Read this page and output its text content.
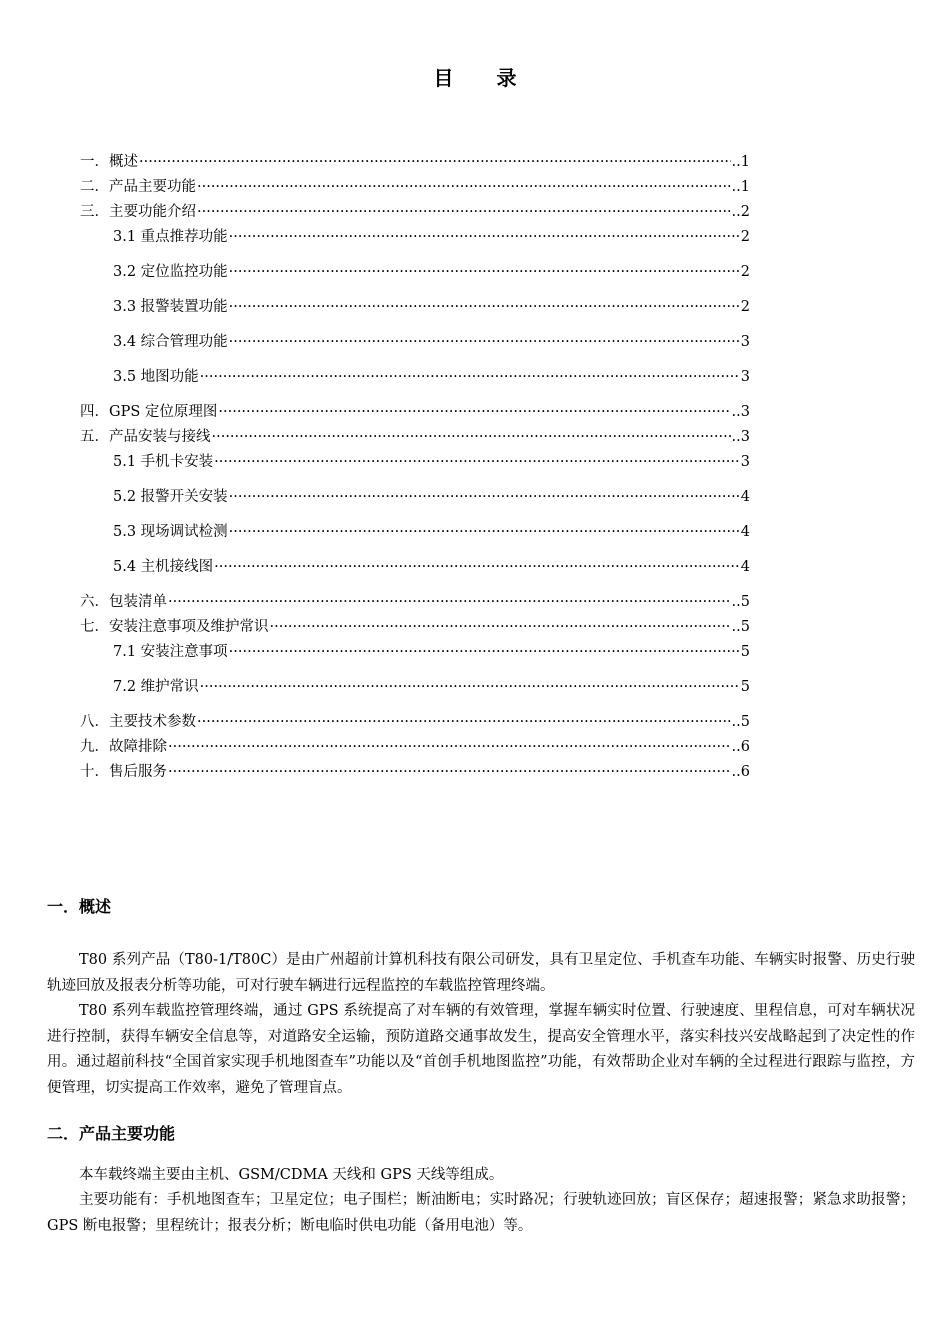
目 录
一． 概述 ·····	..1
二． 产品主要功能 ·····	..1
三． 主要功能介绍 ·····	..2
3.1 重点推荐功能 ·····	2
3.2 定位监控功能 ·····	2
3.3 报警装置功能 ·····	2
3.4 综合管理功能 ·····	3
3.5 地图功能 ·····	3
四． GPS 定位原理图 ·····	..3
五． 产品安装与接线 ·····	..3
5.1 手机卡安装 ·····	3
5.2 报警开关安装 ·····	4
5.3 现场调试检测 ·····	4
5.4 主机接线图 ·····	4
六． 包装清单 ·····	..5
七． 安装注意事项及维护常识 ·····	..5
7.1 安装注意事项 ·····	5
7.2 维护常识 ·····	5
八． 主要技术参数 ·····	..5
九． 故障排除 ·····	..6
十． 售后服务 ·····	..6
一．概述

T80 系列产品（T80-1/T80C）是由广州超前计算机科技有限公司研发，具有卫星定位、手机查车功能、车辆实时报警、历史行驶轨迹回放及报表分析等功能，可对行驶车辆进行远程监控的车载监控管理终端。

T80 系列车载监控管理终端，通过 GPS 系统提高了对车辆的有效管理，掌握车辆实时位置、行驶速度、里程信息，可对车辆状况进行控制，获得车辆安全信息等，对道路安全运输，预防道路交通事故发生，提高安全管理水平，落实科技兴安战略起到了决定性的作用。通过超前科技“全国首家实现手机地图查车”功能以及“首创手机地图监控”功能，有效帮助企业对车辆的全过程进行跟踪与监控，方便管理，切实提高工作效率，避免了管理盲点。

二．产品主要功能

本车载终端主要由主机、GSM/CDMA 天线和 GPS 天线等组成。

主要功能有：手机地图查车；卫星定位；电子围栏；断油断电；实时路况；行驶轨迹回放；盲区保存；超速报警；紧急求助报警；GPS 断电报警；里程统计；报表分析；断电临时供电功能（备用电池）等。
